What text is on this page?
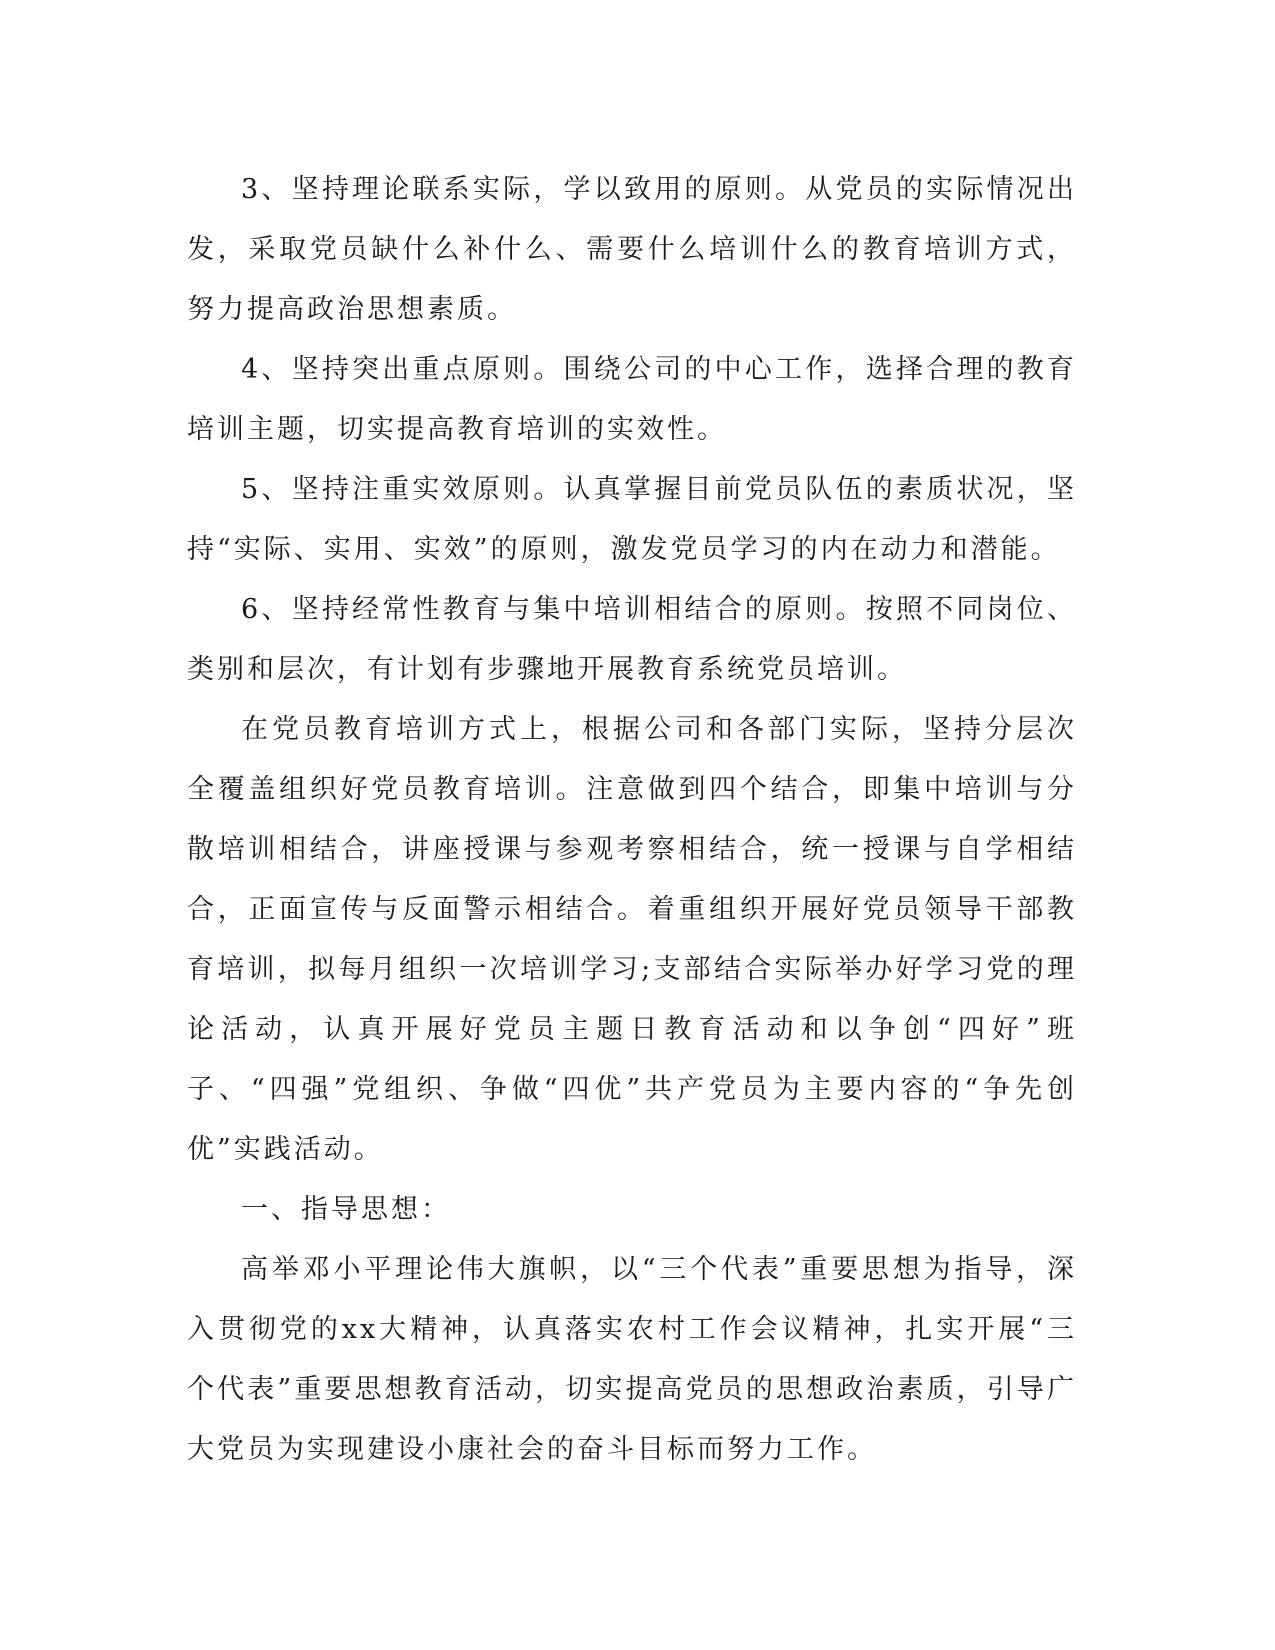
3、坚持理论联系实际，学以致用的原则。从党员的实际情况出发，采取党员缺什么补什么、需要什么培训什么的教育培训方式，努力提高政治思想素质。

4、坚持突出重点原则。围绕公司的中心工作，选择合理的教育培训主题，切实提高教育培训的实效性。

5、坚持注重实效原则。认真掌握目前党员队伍的素质状况，坚持“实际、实用、实效”的原则，激发党员学习的内在动力和潜能。

6、坚持经常性教育与集中培训相结合的原则。按照不同岗位、类别和层次，有计划有步骤地开展教育系统党员培训。

在党员教育培训方式上，根据公司和各部门实际，坚持分层次全覆盖组织好党员教育培训。注意做到四个结合，即集中培训与分散培训相结合，讲座授课与参观考察相结合，统一授课与自学相结合，正面宣传与反面警示相结合。着重组织开展好党员领导干部教育培训，拟每月组织一次培训学习;支部结合实际举办好学习党的理论活动，认真开展好党员主题日教育活动和以争创“四好”班子、“四强”党组织、争做“四优”共产党员为主要内容的“争先创优”实践活动。

一、指导思想：

高举邓小平理论伟大旗帜，以“三个代表”重要思想为指导，深入贯彻党的xx大精神，认真落实农村工作会议精神，扎实开展“三个代表”重要思想教育活动，切实提高党员的思想政治素质，引导广大党员为实现建设小康社会的奋斗目标而努力工作。
